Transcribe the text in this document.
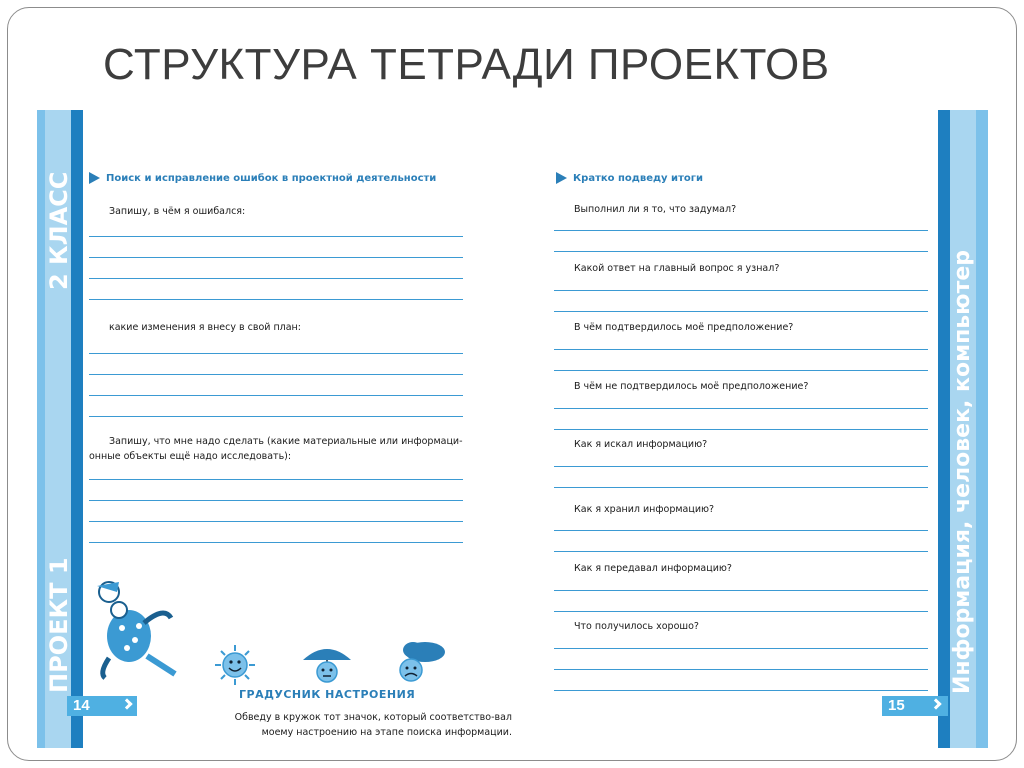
СТРУКТУРА ТЕТРАДИ ПРОЕКТОВ
2 КЛАСС
ПРОЕКТ 1
Поиск и исправление ошибок в проектной деятельности
Запишу, в чём я ошибался:
какие изменения я внесу в свой план:
Запишу, что мне надо сделать (какие материальные или информаци-
онные объекты ещё надо исследовать):
ГРАДУСНИК НАСТРОЕНИЯ
Обведу в кружок тот значок, который соответство-вал моему настроению на этапе поиска информации.
14
Информация, человек, компьютер
Кратко подведу итоги
Выполнил ли я то, что задумал?
Какой ответ на главный вопрос я узнал?
В чём подтвердилось моё предположение?
В чём не подтвердилось моё предположение?
Как я искал информацию?
Как я хранил информацию?
Как я передавал информацию?
Что получилось хорошо?
15
